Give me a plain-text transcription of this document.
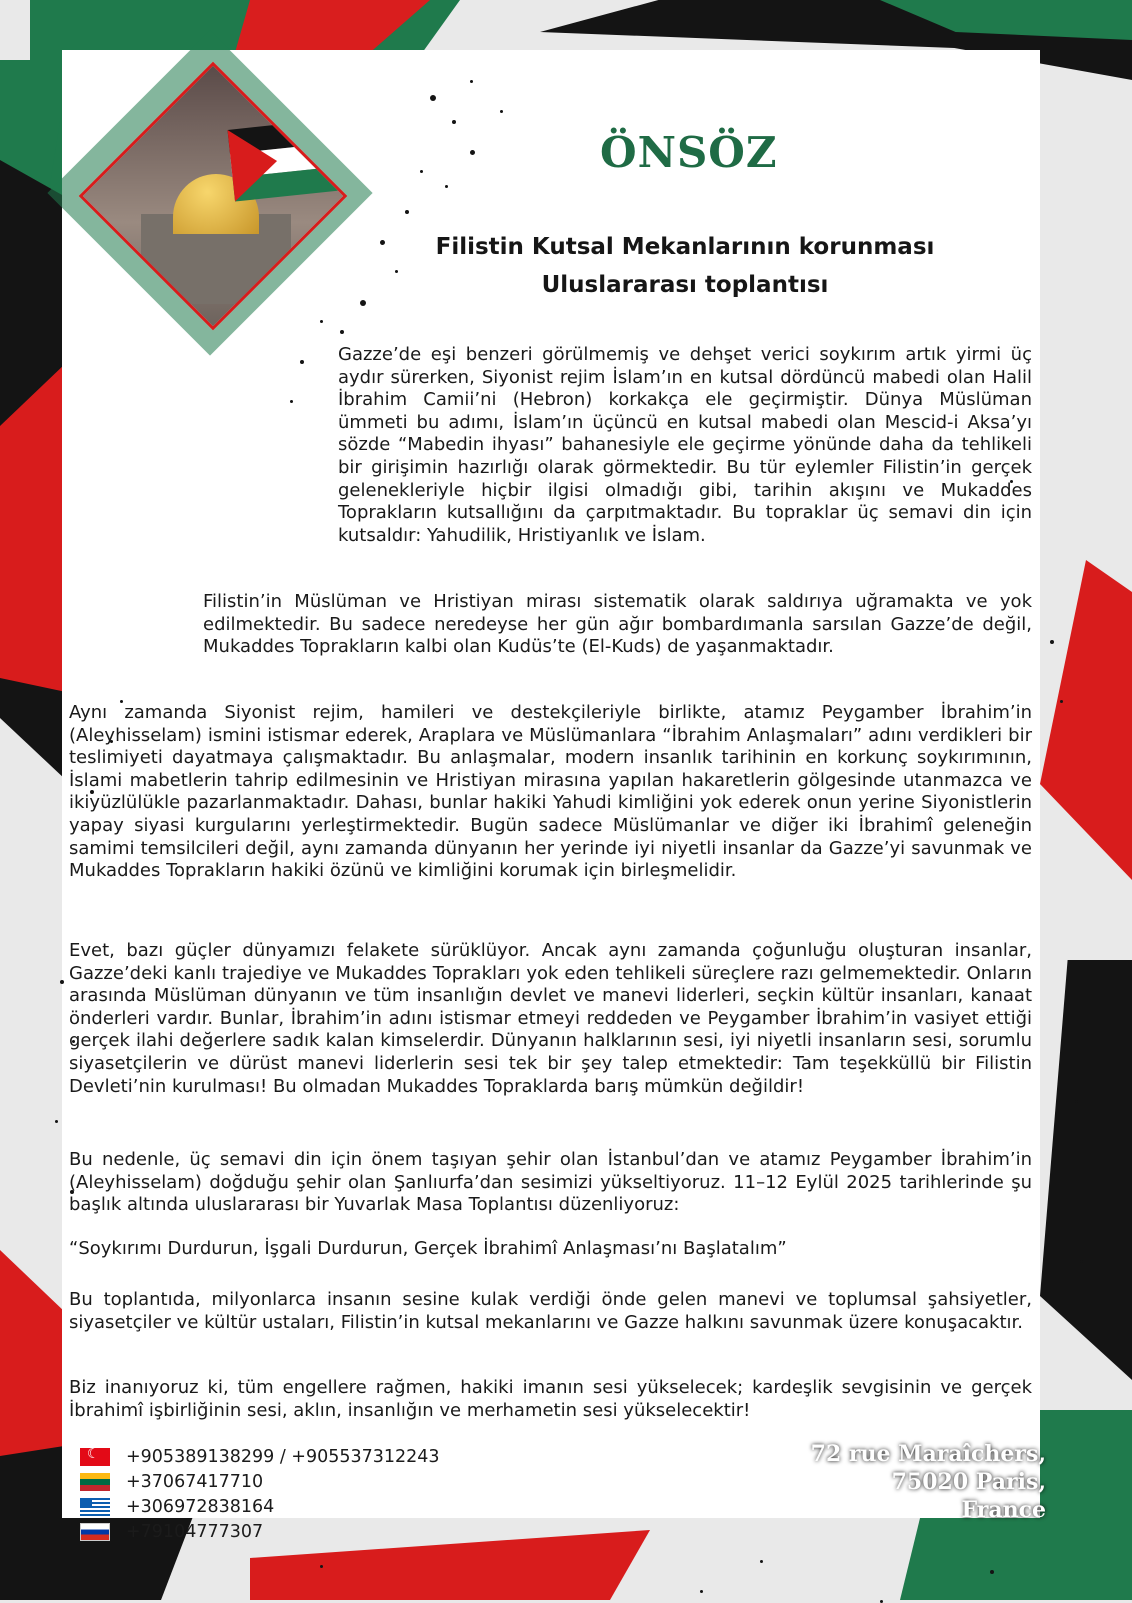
ÖNSÖZ
Filistin Kutsal Mekanlarının korunması
Uluslararası toplantısı
Gazze’de eşi benzeri görülmemiş ve dehşet verici soykırım artık yirmi üç aydır sürerken, Siyonist rejim İslam’ın en kutsal dördüncü mabedi olan Halil İbrahim Camii’ni (Hebron) korkakça ele geçirmiştir. Dünya Müslüman ümmeti bu adımı, İslam’ın üçüncü en kutsal mabedi olan Mescid-i Aksa’yı sözde “Mabedin ihyası” bahanesiyle ele geçirme yönünde daha da tehlikeli bir girişimin hazırlığı olarak görmektedir. Bu tür eylemler Filistin’in gerçek gelenekleriyle hiçbir ilgisi olmadığı gibi, tarihin akışını ve Mukaddes Toprakların kutsallığını da çarpıtmaktadır. Bu topraklar üç semavi din için kutsaldır: Yahudilik, Hristiyanlık ve İslam.
Filistin’in Müslüman ve Hristiyan mirası sistematik olarak saldırıya uğramakta ve yok edilmektedir. Bu sadece neredeyse her gün ağır bombardımanla sarsılan Gazze’de değil, Mukaddes Toprakların kalbi olan Kudüs’te (El-Kuds) de yaşanmaktadır.
Aynı zamanda Siyonist rejim, hamileri ve destekçileriyle birlikte, atamız Peygamber İbrahim’in (Aleyhisselam) ismini istismar ederek, Araplara ve Müslümanlara “İbrahim Anlaşmaları” adını verdikleri bir teslimiyeti dayatmaya çalışmaktadır. Bu anlaşmalar, modern insanlık tarihinin en korkunç soykırımının, İslami mabetlerin tahrip edilmesinin ve Hristiyan mirasına yapılan hakaretlerin gölgesinde utanmazca ve ikiyüzlülükle pazarlanmaktadır. Dahası, bunlar hakiki Yahudi kimliğini yok ederek onun yerine Siyonistlerin yapay siyasi kurgularını yerleştirmektedir. Bugün sadece Müslümanlar ve diğer iki İbrahimî geleneğin samimi temsilcileri değil, aynı zamanda dünyanın her yerinde iyi niyetli insanlar da Gazze’yi savunmak ve Mukaddes Toprakların hakiki özünü ve kimliğini korumak için birleşmelidir.
Evet, bazı güçler dünyamızı felakete sürüklüyor. Ancak aynı zamanda çoğunluğu oluşturan insanlar, Gazze’deki kanlı trajediye ve Mukaddes Toprakları yok eden tehlikeli süreçlere razı gelmemektedir. Onların arasında Müslüman dünyanın ve tüm insanlığın devlet ve manevi liderleri, seçkin kültür insanları, kanaat önderleri vardır. Bunlar, İbrahim’in adını istismar etmeyi reddeden ve Peygamber İbrahim’in vasiyet ettiği gerçek ilahi değerlere sadık kalan kimselerdir. Dünyanın halklarının sesi, iyi niyetli insanların sesi, sorumlu siyasetçilerin ve dürüst manevi liderlerin sesi tek bir şey talep etmektedir: Tam teşekküllü bir Filistin Devleti’nin kurulması! Bu olmadan Mukaddes Topraklarda barış mümkün değildir!
Bu nedenle, üç semavi din için önem taşıyan şehir olan İstanbul’dan ve atamız Peygamber İbrahim’in (Aleyhisselam) doğduğu şehir olan Şanlıurfa’dan sesimizi yükseltiyoruz. 11–12 Eylül 2025 tarihlerinde şu başlık altında uluslararası bir Yuvarlak Masa Toplantısı düzenliyoruz:
“Soykırımı Durdurun, İşgali Durdurun, Gerçek İbrahimî Anlaşması’nı Başlatalım”
Bu toplantıda, milyonlarca insanın sesine kulak verdiği önde gelen manevi ve toplumsal şahsiyetler, siyasetçiler ve kültür ustaları, Filistin’in kutsal mekanlarını ve Gazze halkını savunmak üzere konuşacaktır.
Biz inanıyoruz ki, tüm engellere rağmen, hakiki imanın sesi yükselecek; kardeşlik sevgisinin ve gerçek İbrahimî işbirliğinin sesi, aklın, insanlığın ve merhametin sesi yükselecektir!
☾
+905389138299 / +905537312243
+37067417710
+306972838164
+79104777307
72 rue Maraîchers,
75020 Paris,
France
